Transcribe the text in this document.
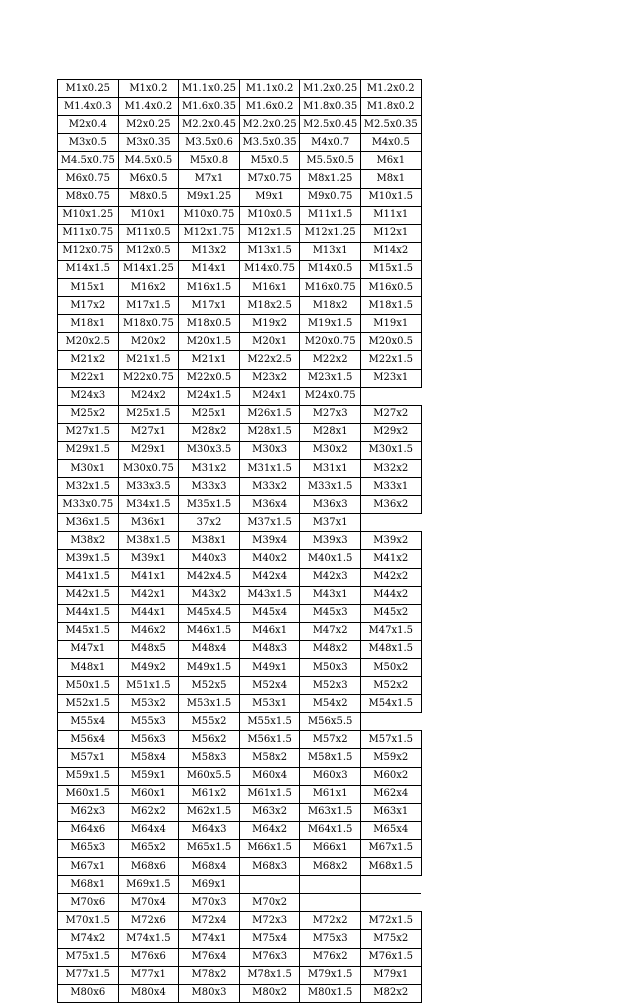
M1x0.25	M1x0.2	M1.1x0.25	M1.1x0.2	M1.2x0.25	M1.2x0.2
M1.4x0.3	M1.4x0.2	M1.6x0.35	M1.6x0.2	M1.8x0.35	M1.8x0.2
M2x0.4	M2x0.25	M2.2x0.45	M2.2x0.25	M2.5x0.45	M2.5x0.35
M3x0.5	M3x0.35	M3.5x0.6	M3.5x0.35	M4x0.7	M4x0.5
M4.5x0.75	M4.5x0.5	M5x0.8	M5x0.5	M5.5x0.5	M6x1
M6x0.75	M6x0.5	M7x1	M7x0.75	M8x1.25	M8x1
M8x0.75	M8x0.5	M9x1.25	M9x1	M9x0.75	M10x1.5
M10x1.25	M10x1	M10x0.75	M10x0.5	M11x1.5	M11x1
M11x0.75	M11x0.5	M12x1.75	M12x1.5	M12x1.25	M12x1
M12x0.75	M12x0.5	M13x2	M13x1.5	M13x1	M14x2
M14x1.5	M14x1.25	M14x1	M14x0.75	M14x0.5	M15x1.5
M15x1	M16x2	M16x1.5	M16x1	M16x0.75	M16x0.5
M17x2	M17x1.5	M17x1	M18x2.5	M18x2	M18x1.5
M18x1	M18x0.75	M18x0.5	M19x2	M19x1.5	M19x1
M20x2.5	M20x2	M20x1.5	M20x1	M20x0.75	M20x0.5
M21x2	M21x1.5	M21x1	M22x2.5	M22x2	M22x1.5
M22x1	M22x0.75	M22x0.5	M23x2	M23x1.5	M23x1
M24x3	M24x2	M24x1.5	M24x1	M24x0.75	
M25x2	M25x1.5	M25x1	M26x1.5	M27x3	M27x2
M27x1.5	M27x1	M28x2	M28x1.5	M28x1	M29x2
M29x1.5	M29x1	M30x3.5	M30x3	M30x2	M30x1.5
M30x1	M30x0.75	M31x2	M31x1.5	M31x1	M32x2
M32x1.5	M33x3.5	M33x3	M33x2	M33x1.5	M33x1
M33x0.75	M34x1.5	M35x1.5	M36x4	M36x3	M36x2
M36x1.5	M36x1	37x2	M37x1.5	M37x1	
M38x2	M38x1.5	M38x1	M39x4	M39x3	M39x2
M39x1.5	M39x1	M40x3	M40x2	M40x1.5	M41x2
M41x1.5	M41x1	M42x4.5	M42x4	M42x3	M42x2
M42x1.5	M42x1	M43x2	M43x1.5	M43x1	M44x2
M44x1.5	M44x1	M45x4.5	M45x4	M45x3	M45x2
M45x1.5	M46x2	M46x1.5	M46x1	M47x2	M47x1.5
M47x1	M48x5	M48x4	M48x3	M48x2	M48x1.5
M48x1	M49x2	M49x1.5	M49x1	M50x3	M50x2
M50x1.5	M51x1.5	M52x5	M52x4	M52x3	M52x2
M52x1.5	M53x2	M53x1.5	M53x1	M54x2	M54x1.5
M55x4	M55x3	M55x2	M55x1.5	M56x5.5	
M56x4	M56x3	M56x2	M56x1.5	M57x2	M57x1.5
M57x1	M58x4	M58x3	M58x2	M58x1.5	M59x2
M59x1.5	M59x1	M60x5.5	M60x4	M60x3	M60x2
M60x1.5	M60x1	M61x2	M61x1.5	M61x1	M62x4
M62x3	M62x2	M62x1.5	M63x2	M63x1.5	M63x1
M64x6	M64x4	M64x3	M64x2	M64x1.5	M65x4
M65x3	M65x2	M65x1.5	M66x1.5	M66x1	M67x1.5
M67x1	M68x6	M68x4	M68x3	M68x2	M68x1.5
M68x1	M69x1.5	M69x1			
M70x6	M70x4	M70x3	M70x2		
M70x1.5	M72x6	M72x4	M72x3	M72x2	M72x1.5
M74x2	M74x1.5	M74x1	M75x4	M75x3	M75x2
M75x1.5	M76x6	M76x4	M76x3	M76x2	M76x1.5
M77x1.5	M77x1	M78x2	M78x1.5	M79x1.5	M79x1
M80x6	M80x4	M80x3	M80x2	M80x1.5	M82x2
